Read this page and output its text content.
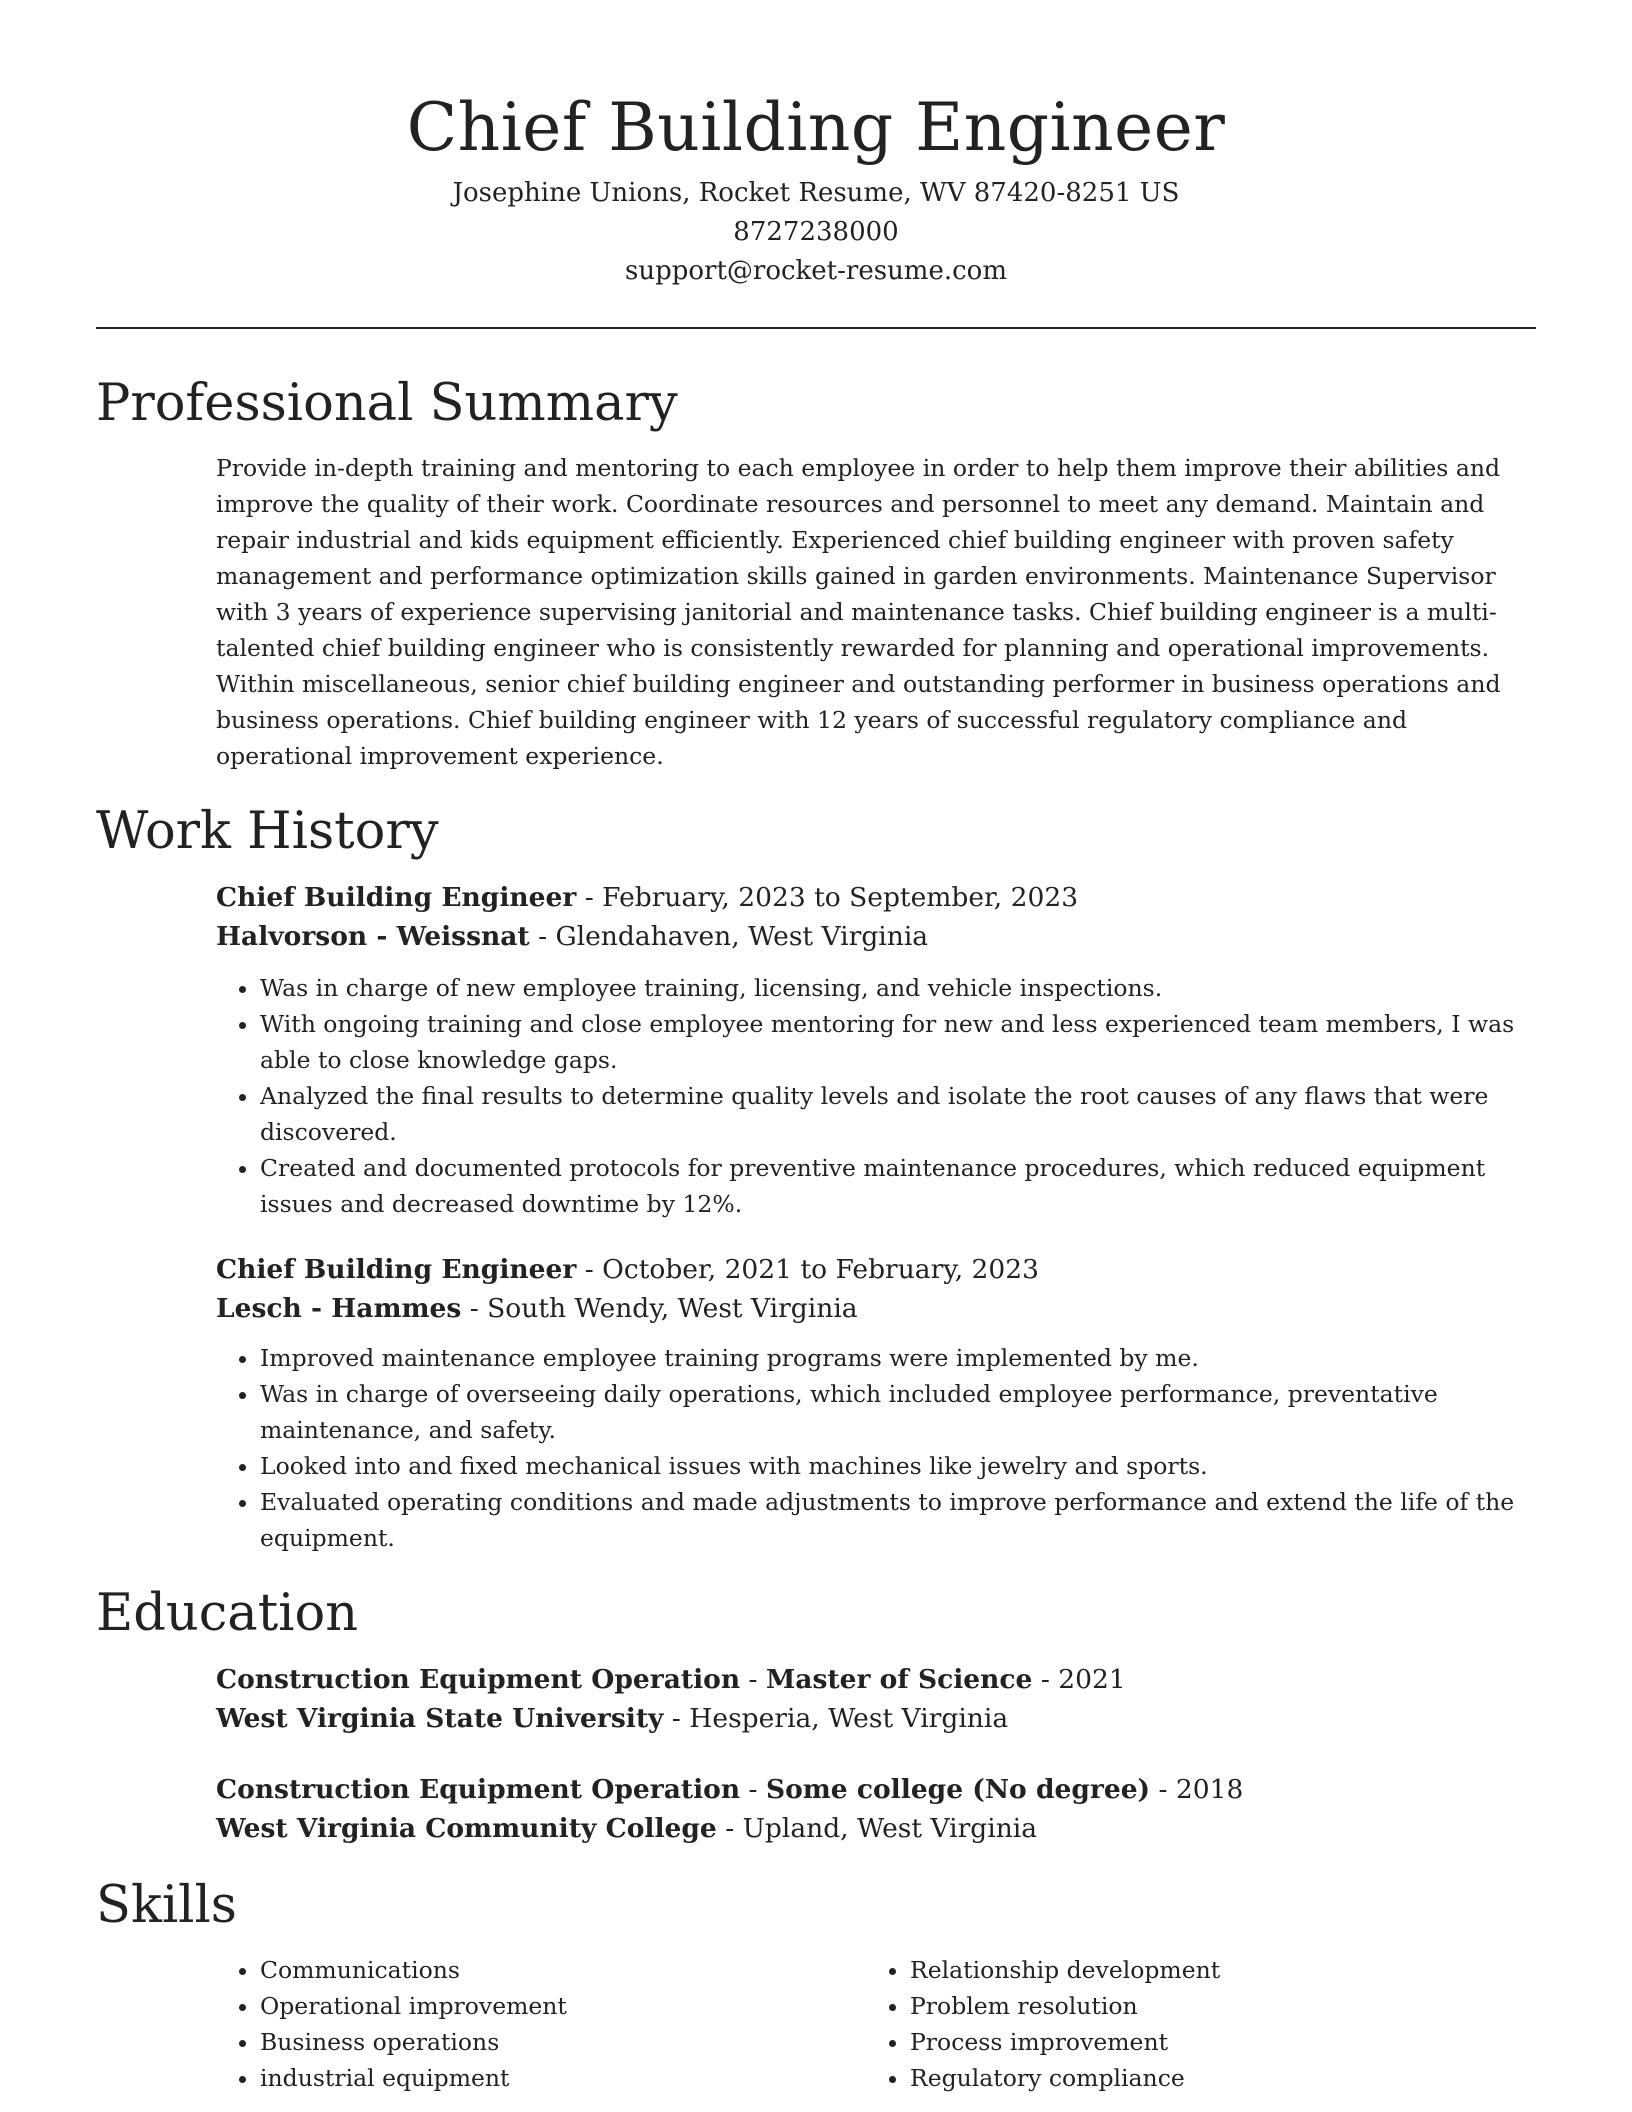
Chief Building Engineer
Josephine Unions, Rocket Resume, WV 87420-8251 US
8727238000
support@rocket-resume.com
Professional Summary

Provide in-depth training and mentoring to each employee in order to help them improve their abilities and improve the quality of their work. Coordinate resources and personnel to meet any demand. Maintain and repair industrial and kids equipment efficiently. Experienced chief building engineer with proven safety management and performance optimization skills gained in garden environments. Maintenance Supervisor with 3 years of experience supervising janitorial and maintenance tasks. Chief building engineer is a multi-talented chief building engineer who is consistently rewarded for planning and operational improvements. Within miscellaneous, senior chief building engineer and outstanding performer in business operations and business operations. Chief building engineer with 12 years of successful regulatory compliance and operational improvement experience.

Work History
Chief Building Engineer - February, 2023 to September, 2023
Halvorson - Weissnat - Glendahaven, West Virginia
• Was in charge of new employee training, licensing, and vehicle inspections.
• With ongoing training and close employee mentoring for new and less experienced team members, I was able to close knowledge gaps.
• Analyzed the final results to determine quality levels and isolate the root causes of any flaws that were discovered.
• Created and documented protocols for preventive maintenance procedures, which reduced equipment issues and decreased downtime by 12%.
Chief Building Engineer - October, 2021 to February, 2023
Lesch - Hammes - South Wendy, West Virginia
• Improved maintenance employee training programs were implemented by me.
• Was in charge of overseeing daily operations, which included employee performance, preventative maintenance, and safety.
• Looked into and fixed mechanical issues with machines like jewelry and sports.
• Evaluated operating conditions and made adjustments to improve performance and extend the life of the equipment.
Education
Construction Equipment Operation - Master of Science - 2021
West Virginia State University - Hesperia, West Virginia
Construction Equipment Operation - Some college (No degree) - 2018
West Virginia Community College - Upland, West Virginia
Skills
• Communications
• Operational improvement
• Business operations
• industrial equipment
• Relationship development
• Problem resolution
• Process improvement
• Regulatory compliance
